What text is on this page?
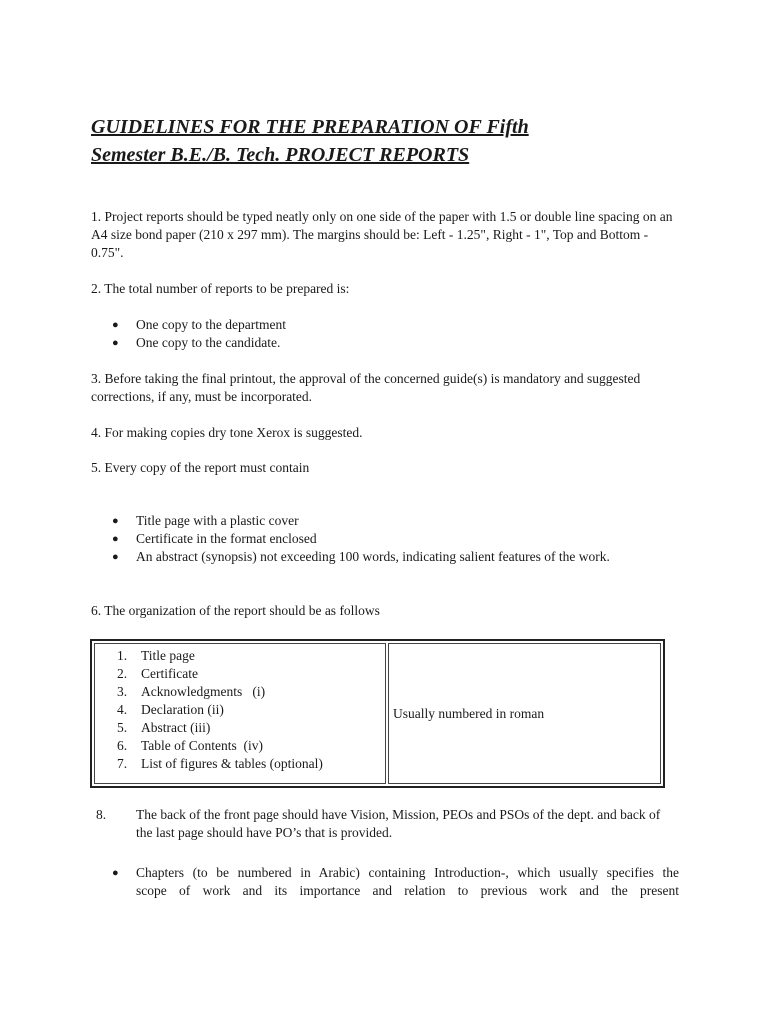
GUIDELINES FOR THE PREPARATION OF Fifth
Semester B.E./B. Tech. PROJECT REPORTS

1. Project reports should be typed neatly only on one side of the paper with 1.5 or double line spacing on an A4 size bond paper (210 x 297 mm). The margins should be: Left - 1.25", Right - 1", Top and Bottom - 0.75".

2. The total number of reports to be prepared is:

● One copy to the department
● One copy to the candidate.

3. Before taking the final printout, the approval of the concerned guide(s) is mandatory and suggested corrections, if any, must be incorporated.

4. For making copies dry tone Xerox is suggested.

5. Every copy of the report must contain

● Title page with a plastic cover
● Certificate in the format enclosed
● An abstract (synopsis) not exceeding 100 words, indicating salient features of the work.

6. The organization of the report should be as follows

1. Title page
2. Certificate
3. Acknowledgments   (i)
4. Declaration (ii)
5. Abstract (iii)
6. Table of Contents  (iv)
7. List of figures & tables (optional)
	Usually numbered in roman
8. The back of the front page should have Vision, Mission, PEOs and PSOs of the dept. and back of the last page should have PO’s that is provided.
● Chapters (to be numbered in Arabic) containing Introduction-, which usually specifies the
scope of work and its importance and relation to previous work and the present
